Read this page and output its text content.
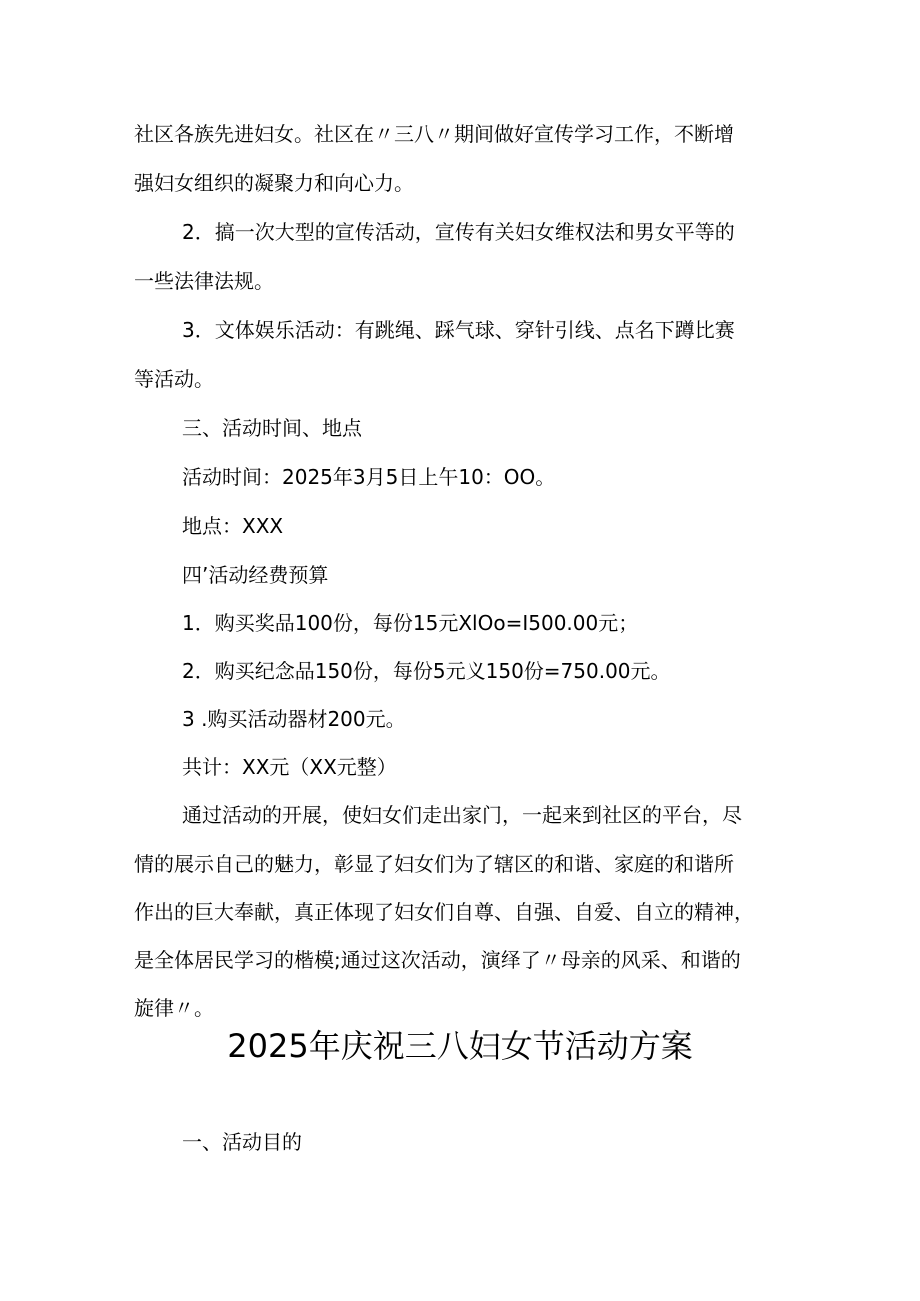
社区各族先进妇女。社区在〃三八〃期间做好宣传学习工作，不断增

强妇女组织的凝聚力和向心力。

2．搞一次大型的宣传活动，宣传有关妇女维权法和男女平等的

一些法律法规。

3．文体娱乐活动：有跳绳、踩气球、穿针引线、点名下蹲比赛

等活动。

三、活动时间、地点

活动时间：2025年3月5日上午10：OO。

地点：XXX

四’活动经费预算

1．购买奖品100份，每份15元XlOo=I500.00元；

2．购买纪念品150份，每份5元义150份=750.00元。

3 .购买活动器材200元。

共计：XX元（XX元整）

通过活动的开展，使妇女们走出家门，一起来到社区的平台，尽

情的展示自己的魅力，彰显了妇女们为了辖区的和谐、家庭的和谐所

作出的巨大奉献，真正体现了妇女们自尊、自强、自爱、自立的精神，

是全体居民学习的楷模;通过这次活动，演绎了〃母亲的风采、和谐的

旋律〃。

2025年庆祝三八妇女节活动方案

一、活动目的
